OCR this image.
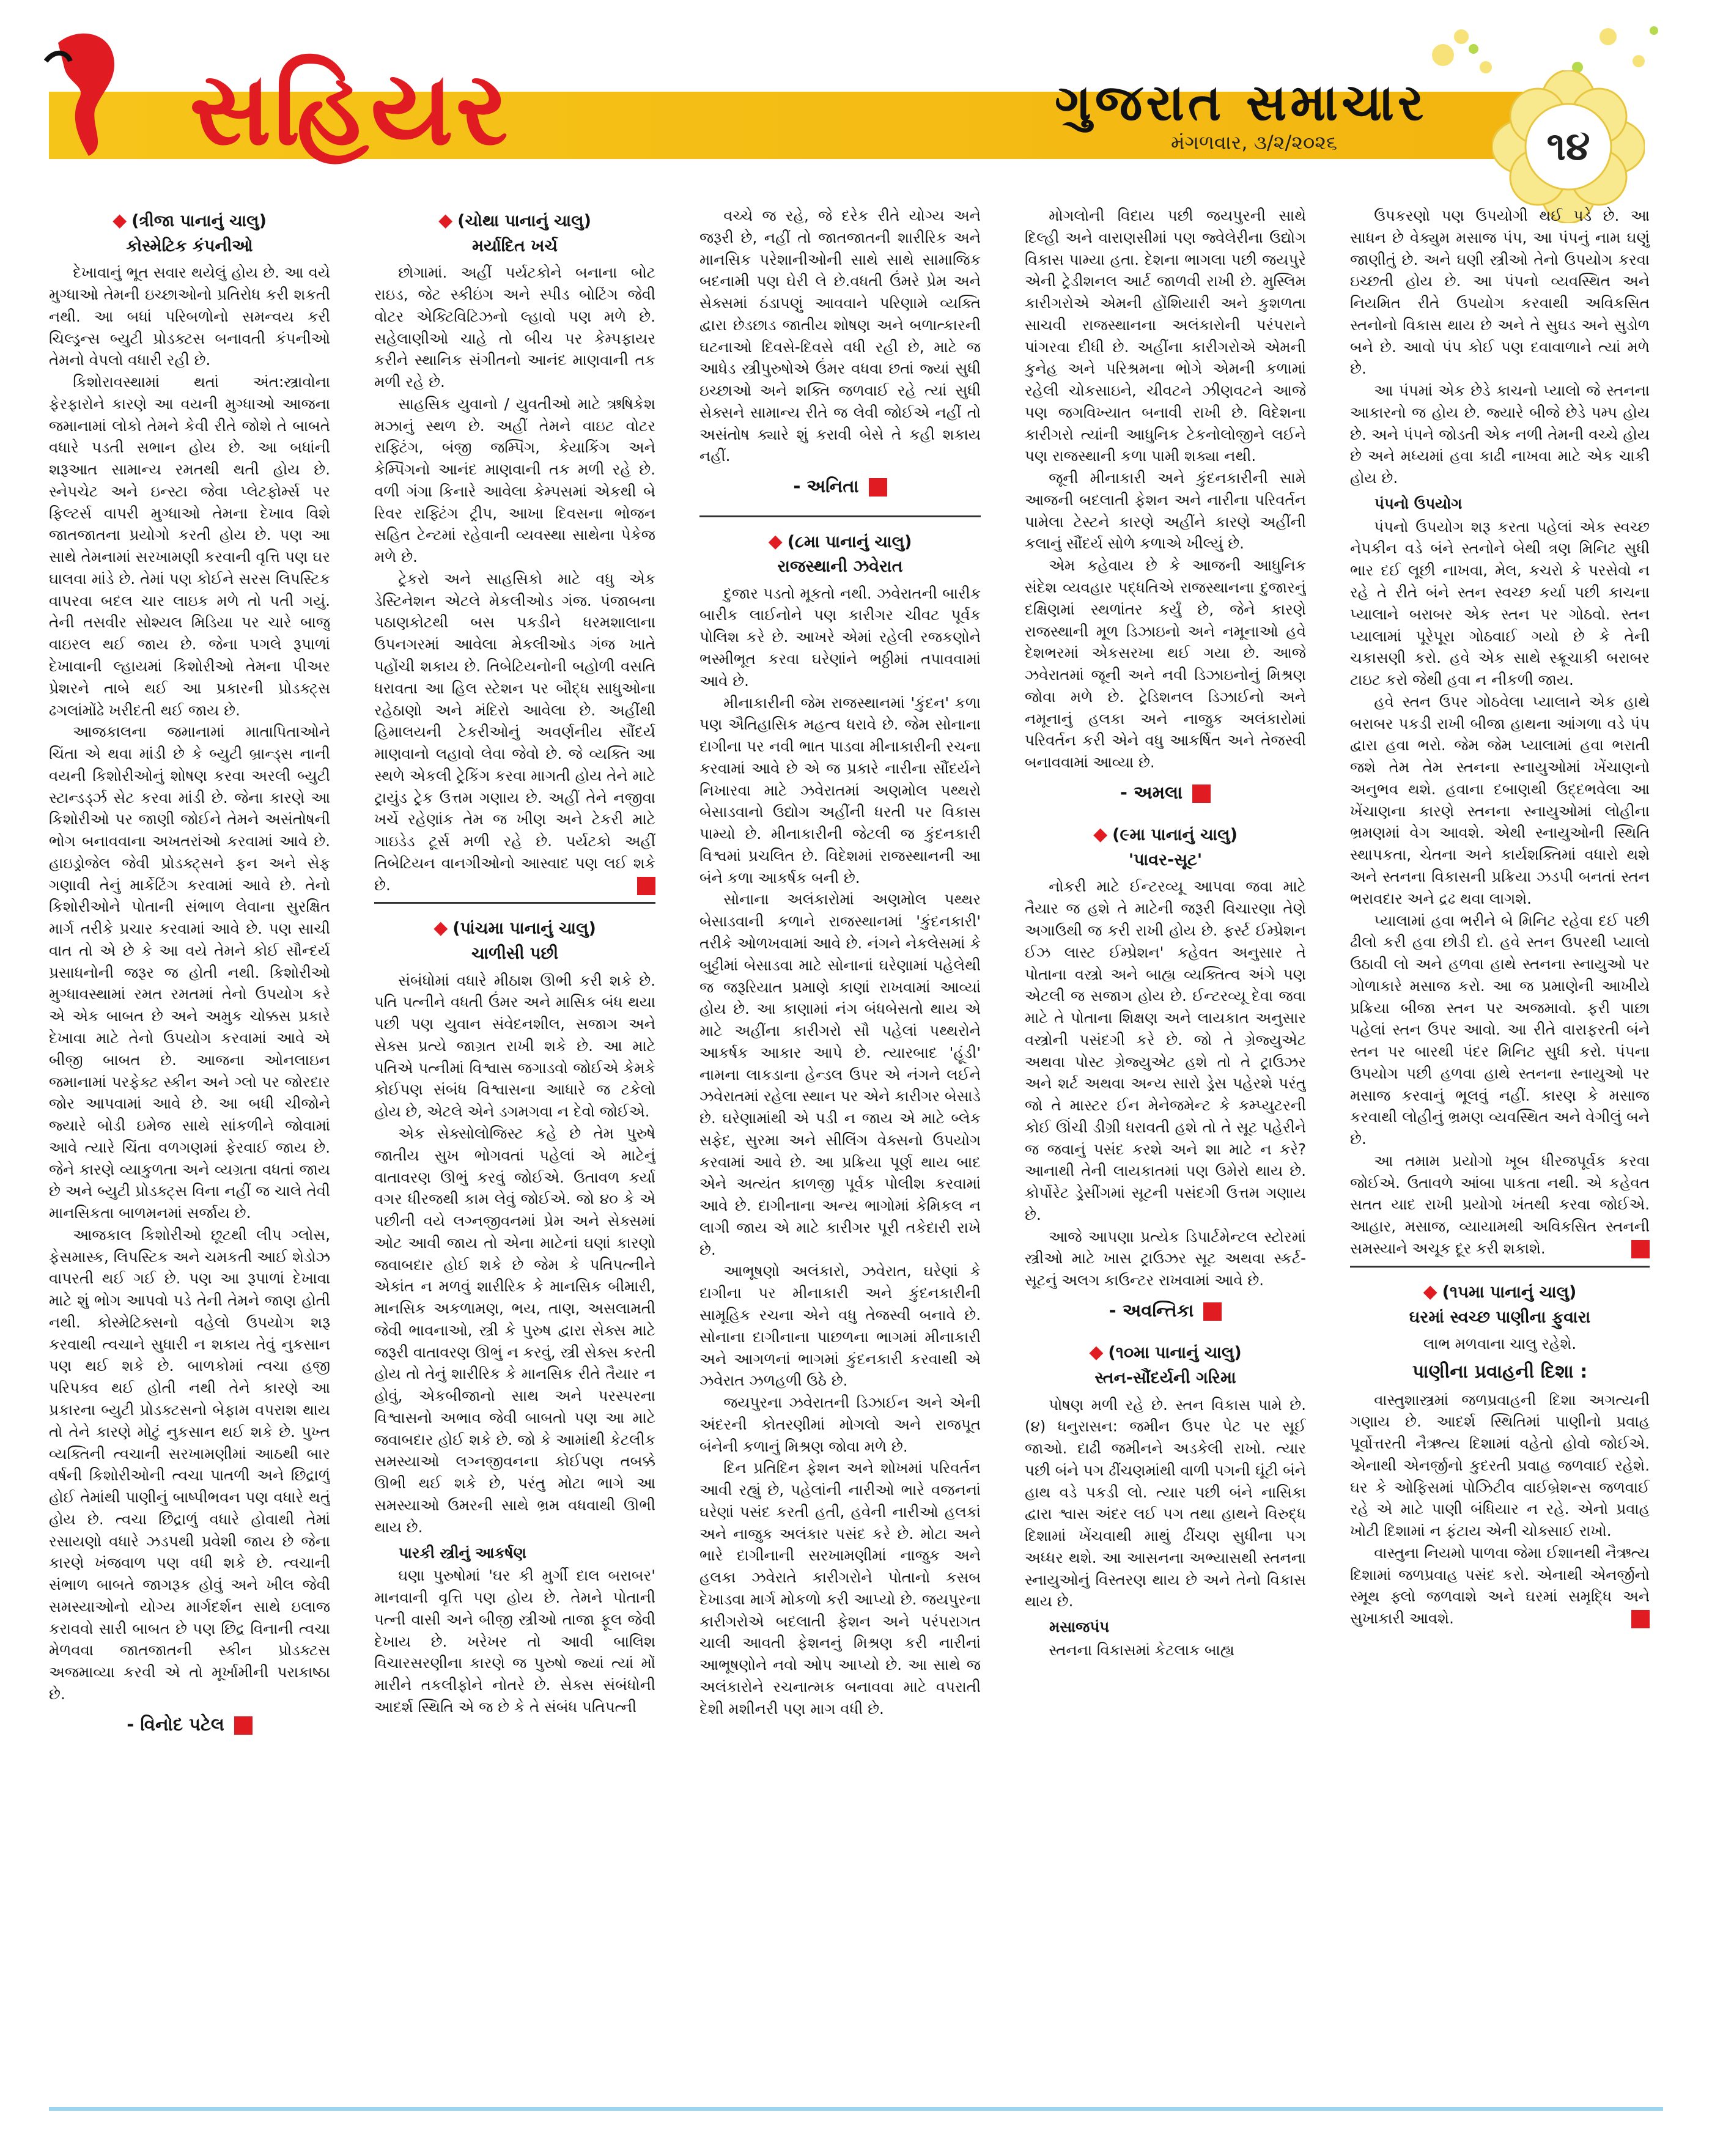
સહિયર	ગુજરાત સમાચાર
મંગળવાર, ૩/૨/૨૦૨૬	૧૪
◆ (ત્રીજા પાનાનું ચાલુ)
કોસ્મેટિક કંપનીઓ

દેખાવાનું ભૂત સવાર થયેલું હોય છે. આ વયે મુગ્ધાઓ તેમની ઇચ્છાઓનો પ્રતિરોધ કરી શકતી નથી. આ બધાં પરિબળોનો સમન્વય કરી ચિલ્ડ્રન્સ બ્યુટી પ્રોડક્ટસ બનાવતી કંપનીઓ તેમનો વેપલો વધારી રહી છે.

કિશોરાવસ્થામાં થતાં અંત:સ્ત્રાવોના ફેરફારોને કારણે આ વયની મુગ્ધાઓ આજના જમાનામાં લોકો તેમને કેવી રીતે જોશે તે બાબતે વધારે પડતી સભાન હોય છે. આ બધાંની શરૂઆત સામાન્ય રમતથી થતી હોય છે. સ્નેપચેટ અને ઇન્સ્ટા જેવા પ્લેટફોર્મ્સ પર ફિલ્ટર્સ વાપરી મુગ્ધાઓ તેમના દેખાવ વિશે જાતજાતના પ્રયોગો કરતી હોય છે. પણ આ સાથે તેમનામાં સરખામણી કરવાની વૃત્તિ પણ ઘર ઘાલવા માંડે છે. તેમાં પણ કોઈને સરસ લિપસ્ટિક વાપરવા બદલ ચાર લાઇક મળે તો પતી ગયું. તેની તસવીર સોશ્યલ મિડિયા પર ચારે બાજુ વાઇરલ થઈ જાય છે. જેના પગલે રૂપાળાં દેખાવાની લ્હાયમાં કિશોરીઓ તેમના પીઅર પ્રેશરને તાબે થઈ આ પ્રકારની પ્રોડક્ટ્સ ઢગલાંમોંઢે ખરીદતી થઈ જાય છે.

આજકાલના જમાનામાં માતાપિતાઓને ચિંતા એ થવા માંડી છે કે બ્યુટી બ્રાન્ડ્સ નાની વયની કિશોરીઓનું શોષણ કરવા અરલી બ્યુટી સ્ટાન્ડર્ડ્ઝ સેટ કરવા માંડી છે. જેના કારણે આ કિશોરીઓ પર જાણી જોઈને તેમને અસંતોષની ભોગ બનાવવાના અખતરાંઓ કરવામાં આવે છે. હાઇડ્રોજેલ જેવી પ્રોડક્ટ્સને ફન અને સેફ ગણાવી તેનું માર્કેટિંગ કરવામાં આવે છે. તેનો કિશોરીઓને પોતાની સંભાળ લેવાના સુરક્ષિત માર્ગ તરીકે પ્રચાર કરવામાં આવે છે. પણ સાચી વાત તો એ છે કે આ વયે તેમને કોઈ સૌન્દર્ય પ્રસાધનોની જરૂર જ હોતી નથી. કિશોરીઓ મુગ્ધાવસ્થામાં રમત રમતમાં તેનો ઉપયોગ કરે એ એક બાબત છે અને અમુક ચોક્કસ પ્રકારે દેખાવા માટે તેનો ઉપયોગ કરવામાં આવે એ બીજી બાબત છે. આજના ઓનલાઇન જમાનામાં પરફેક્ટ સ્કીન અને ગ્લો પર જોરદાર જોર આપવામાં આવે છે. આ બધી ચીજોને જ્યારે બોડી ઇમેજ સાથે સાંકળીને જોવામાં આવે ત્યારે ચિંતા વળગણમાં ફેરવાઈ જાય છે. જેને કારણે વ્યાકુળતા અને વ્યગ્રતા વધતાં જાય છે અને બ્યુટી પ્રોડક્ટ્સ વિના નહીં જ ચાલે તેવી માનસિકતા બાળમનમાં સર્જાય છે.

આજકાલ કિશોરીઓ છૂટથી લીપ ગ્લોસ, ફેસમાસ્ક, લિપસ્ટિક અને ચમકતી આઈ શેડોઝ વાપરતી થઈ ગઈ છે. પણ આ રૂપાળાં દેખાવા માટે શું ભોગ આપવો પડે તેની તેમને જાણ હોતી નથી. કોસ્મેટિક્સનો વહેલો ઉપયોગ શરૂ કરવાથી ત્વચાને સુધારી ન શકાય તેવું નુકસાન પણ થઈ શકે છે. બાળકોમાં ત્વચા હજી પરિપક્વ થઈ હોતી નથી તેને કારણે આ પ્રકારના બ્યુટી પ્રોડક્ટસનો બેફામ વપરાશ થાય તો તેને કારણે મોટું નુકસાન થઈ શકે છે. પુખ્ત વ્યક્તિની ત્વચાની સરખામણીમાં આઠથી બાર વર્ષની કિશોરીઓની ત્વચા પાતળી અને છિદ્રાળું હોઈ તેમાંથી પાણીનું બાષ્પીભવન પણ વધારે થતું હોય છે. ત્વચા છિદ્રાળું વધારે હોવાથી તેમાં રસાયણો વધારે ઝડપથી પ્રવેશી જાય છે જેના કારણે ખંજવાળ પણ વધી શકે છે. ત્વચાની સંભાળ બાબતે જાગરૂક હોવું અને ખીલ જેવી સમસ્યાઓનો યોગ્ય માર્ગદર્શન સાથે ઇલાજ કરાવવો સારી બાબત છે પણ છિદ્ર વિનાની ત્વચા મેળવવા જાતજાતની સ્કીન પ્રોડક્ટસ અજમાવ્યા કરવી એ તો મૂર્ખામીની પરાકાષ્ઠા છે.

- વિનોદ પટેલ
◆ (ચોથા પાનાનું ચાલુ)
મર્યાદિત ખર્ચ

છોગામાં. અહીં પર્યટકોને બનાના બોટ રાઇડ, જેટ સ્કીઇંગ અને સ્પીડ બોટિંગ જેવી વોટર એક્ટિવિટિઝનો લ્હાવો પણ મળે છે. સહેલાણીઓ ચાહે તો બીચ પર કેમ્પફાયર કરીને સ્થાનિક સંગીતનો આનંદ માણવાની તક મળી રહે છે.

સાહસિક યુવાનો / યુવતીઓ માટે ઋષિકેશ મઝાનું સ્થળ છે. અહીં તેમને વાઇટ વોટર રાફ્ટિંગ, બંજી જમ્પિંગ, કેયાકિંગ અને કેમ્પિંગનો આનંદ માણવાની તક મળી રહે છે. વળી ગંગા કિનારે આવેલા કેમ્પસમાં એકથી બે રિવર રાફ્ટિંગ ટ્રીપ, આખા દિવસના ભોજન સહિત ટેન્ટમાં રહેવાની વ્યવસ્થા સાથેના પેકેજ મળે છે.

ટ્રેકરો અને સાહસિકો માટે વધુ એક ડેસ્ટિનેશન એટલે મેકલીઓડ ગંજ. પંજાબના પઠાણકોટથી બસ પકડીને ધરમશાલાના ઉપનગરમાં આવેલા મેકલીઓડ ગંજ ખાતે પહોંચી શકાય છે. તિબેટિયનોની બહોળી વસતિ ધરાવતા આ હિલ સ્ટેશન પર બૌદ્ધ સાધુઓના રહેઠાણો અને મંદિરો આવેલા છે. અહીંથી હિમાલયની ટેકરીઓનું અવર્ણનીય સૌંદર્ય માણવાનો લહાવો લેવા જેવો છે. જે વ્યક્તિ આ સ્થળે એકલી ટ્રેકિંગ કરવા માગતી હોય તેને માટે ટ્રાયુંડ ટ્રેક ઉત્તમ ગણાય છે. અહીં તેને નજીવા ખર્ચે રહેણાંક તેમ જ ખીણ અને ટેકરી માટે ગાઇડેડ ટૂર્સ મળી રહે છે. પર્યટકો અહીં તિબેટિયન વાનગીઓનો આસ્વાદ પણ લઈ શકે છે.

◆ (પાંચમા પાનાનું ચાલુ)
ચાળીસી પછી

સંબંધોમાં વધારે મીઠાશ ઊભી કરી શકે છે. પતિ પત્નીને વધતી ઉંમર અને માસિક બંધ થયા પછી પણ યુવાન સંવેદનશીલ, સજાગ અને સેક્સ પ્રત્યે જાગ્રત રાખી શકે છે. આ માટે પતિએ પત્નીમાં વિશ્વાસ જગાડવો જોઈએ કેમકે કોઈપણ સંબંધ વિશ્વાસના આધારે જ ટકેલો હોય છે, એટલે એને ડગમગવા ન દેવો જોઈએ.

એક સેક્સોલોજિસ્ટ કહે છે તેમ પુરુષે જાતીય સુખ ભોગવતાં પહેલાં એ માટેનું વાતાવરણ ઊભું કરવું જોઈએ. ઉતાવળ કર્યા વગર ધીરજથી કામ લેવું જોઈએ. જો ૪૦ કે એ પછીની વયે લગ્નજીવનમાં પ્રેમ અને સેક્સમાં ઓટ આવી જાય તો એના માટેનાં ઘણાં કારણો જવાબદાર હોઈ શકે છે જેમ કે પતિપત્નીને એકાંત ન મળવું શારીરિક કે માનસિક બીમારી, માનસિક અકળામણ, ભય, તાણ, અસલામતી જેવી ભાવનાઓ, સ્ત્રી કે પુરુષ દ્વારા સેક્સ માટે જરૂરી વાતાવરણ ઊભું ન કરવું, સ્ત્રી સેક્સ કરતી હોય તો તેનું શારીરિક કે માનસિક રીતે તૈયાર ન હોવું, એકબીજાનો સાથ અને પરસ્પરના વિશ્વાસનો અભાવ જેવી બાબતો પણ આ માટે જવાબદાર હોઈ શકે છે. જો કે આમાંથી કેટલીક સમસ્યાઓ લગ્નજીવનના કોઈપણ તબક્કે ઊભી થઈ શકે છે, પરંતુ મોટા ભાગે આ સમસ્યાઓ ઉમરની સાથે ભ્રમ વધવાથી ઊભી થાય છે.

પારકી સ્ત્રીનું આકર્ષણ

ઘણા પુરુષોમાં 'ઘર કી મુર્ગી દાલ બરાબર' માનવાની વૃત્તિ પણ હોય છે. તેમને પોતાની પત્ની વાસી અને બીજી સ્ત્રીઓ તાજા ફૂલ જેવી દેખાય છે. ખરેખર તો આવી બાલિશ વિચારસરણીના કારણે જ પુરુષો જ્યાં ત્યાં મોં મારીને તકલીફોને નોતરે છે. સેક્સ સંબંધોની આદર્શ સ્થિતિ એ જ છે કે તે સંબંધ પતિપત્ની

વચ્ચે જ રહે, જે દરેક રીતે યોગ્ય અને જરૂરી છે, નહીં તો જાતજાતની શારીરિક અને માનસિક પરેશાનીઓની સાથે સાથે સામાજિક બદનામી પણ ઘેરી લે છે.વધતી ઉંમરે પ્રેમ અને સેક્સમાં ઠંડાપણું આવવાને પરિણામે વ્યક્તિ દ્વારા છેડછાડ જાતીય શોષણ અને બળાત્કારની ઘટનાઓ દિવસે-દિવસે વધી રહી છે, માટે જ આધેડ સ્ત્રીપુરુષોએ ઉંમર વધવા છતાં જ્યાં સુધી ઇચ્છાઓ અને શક્તિ જળવાઈ રહે ત્યાં સુધી સેક્સને સામાન્ય રીતે જ લેવી જોઈએ નહીં તો અસંતોષ ક્યારે શું કરાવી બેસે તે કહી શકાય નહીં.

- અનિતા
◆ (૮મા પાનાનું ચાલુ)
રાજસ્થાની ઝવેરાત

દુજાર પડતો મૂકતો નથી. ઝવેરાતની બારીક બારીક લાઈનોને પણ કારીગર ચીવટ પૂર્વક પોલિશ કરે છે. આખરે એમાં રહેલી રજકણોને ભસ્મીભૂત કરવા ઘરેણાંને ભઠ્ઠીમાં તપાવવામાં આવે છે.

મીનાકારીની જેમ રાજસ્થાનમાં 'કુંદન' કળા પણ ઐતિહાસિક મહત્વ ધરાવે છે. જેમ સોનાના દાગીના પર નવી ભાત પાડવા મીનાકારીની રચના કરવામાં આવે છે એ જ પ્રકારે નારીના સૌંદર્યને નિખારવા માટે ઝવેરાતમાં અણમોલ પથ્થરો બેસાડવાનો ઉદ્યોગ અહીંની ધરતી પર વિકાસ પામ્યો છે. મીનાકારીની જેટલી જ કુંદનકારી વિશ્વમાં પ્રચલિત છે. વિદેશમાં રાજસ્થાનની આ બંને કળા આકર્ષક બની છે.

સોનાના અલંકારોમાં અણમોલ પથ્થર બેસાડવાની કળાને રાજસ્થાનમાં 'કુંદનકારી' તરીકે ઓળખવામાં આવે છે. નંગને નેકલેસમાં કે બુટ્ટીમાં બેસાડવા માટે સોનાનાં ઘરેણામાં પહેલેથી જ જરૂરિયાત પ્રમાણે કાણાં રાખવામાં આવ્યાં હોય છે. આ કાણામાં નંગ બંધબેસતો થાય એ માટે અહીંના કારીગરો સૌ પહેલાં પથ્થરોને આકર્ષક આકાર આપે છે. ત્યારબાદ 'હૂંડી' નામના લાકડાના હેન્ડલ ઉપર એ નંગને લઈને ઝવેરાતમાં રહેલા સ્થાન પર એને કારીગર બેસાડે છે. ઘરેણામાંથી એ પડી ન જાય એ માટે બ્લેક સફેદ, સુરમા અને સીલિંગ વેક્સનો ઉપયોગ કરવામાં આવે છે. આ પ્રક્રિયા પૂર્ણ થાય બાદ એને અત્યંત કાળજી પૂર્વક પોલીશ કરવામાં આવે છે. દાગીનાના અન્ય ભાગોમાં કેમિકલ ન લાગી જાય એ માટે કારીગર પૂરી તકેદારી રાખે છે.

આભૂષણો અલંકારો, ઝવેરાત, ઘરેણાં કે દાગીના પર મીનાકારી અને કુંદનકારીની સામૂહિક રચના એને વધુ તેજસ્વી બનાવે છે. સોનાના દાગીનાના પાછળના ભાગમાં મીનાકારી અને આગળનાં ભાગમાં કુંદનકારી કરવાથી એ ઝવેરાત ઝળહળી ઉઠે છે.

જયપુરના ઝવેરાતની ડિઝાઈન અને એની અંદરની કોતરણીમાં મોગલો અને રાજપૂત બંનેની કળાનું મિશ્રણ જોવા મળે છે.

દિન પ્રતિદિન ફેશન અને શોખમાં પરિવર્તન આવી રહ્યું છે, પહેલાંની નારીઓ ભારે વજનનાં ઘરેણાં પસંદ કરતી હતી, હવેની નારીઓ હલકાં અને નાજુક અલંકાર પસંદ કરે છે. મોટા અને ભારે દાગીનાની સરખામણીમાં નાજુક અને હલકા ઝવેરાતે કારીગરોને પોતાનો કસબ દેખાડવા માર્ગ મોકળો કરી આપ્યો છે. જયપુરના કારીગરોએ બદલાતી ફેશન અને પરંપરાગત ચાલી આવતી ફેશનનું મિશ્રણ કરી નારીનાં આભૂષણોને નવો ઓપ આપ્યો છે. આ સાથે જ અલંકારોને રચનાત્મક બનાવવા માટે વપરાતી દેશી મશીનરી પણ માગ વધી છે.

મોગલોની વિદાય પછી જયપુરની સાથે દિલ્હી અને વારાણસીમાં પણ જ્વેલેરીના ઉદ્યોગ વિકાસ પામ્યા હતા. દેશના ભાગલા પછી જયપુરે એની ટ્રેડીશનલ આર્ટ જાળવી રાખી છે. મુસ્લિમ કારીગરોએ એમની હોંશિયારી અને કુશળતા સાચવી રાજસ્થાનના અલંકારોની પરંપરાને પાંગરવા દીધી છે. અહીંના કારીગરોએ એમની કુનેહ અને પરિશ્રમના ભોગે એમની કળામાં રહેલી ચોકસાઇને, ચીવટને ઝીણવટને આજે પણ જગવિખ્યાત બનાવી રાખી છે. વિદેશના કારીગરો ત્યાંની આધુનિક ટેકનોલોજીને લઈને પણ રાજસ્થાની કળા પામી શક્યા નથી.

જૂની મીનાકારી અને કુંદનકારીની સામે આજની બદલાતી ફેશન અને નારીના પરિવર્તન પામેલા ટેસ્ટને કારણે અહીંને કારણે અહીંની કલાનું સૌંદર્ય સોળે કળાએ ખીલ્યું છે.

એમ કહેવાય છે કે આજની આધુનિક સંદેશ વ્યવહાર પદ્ધતિએ રાજસ્થાનના દુજારનું દક્ષિણમાં સ્થળાંતર કર્યું છે, જેને કારણે રાજસ્થાની મૂળ ડિઝાઇનો અને નમૂનાઓ હવે દેશભરમાં એકસરખા થઈ ગયા છે. આજે ઝવેરાતમાં જૂની અને નવી ડિઝાઇનોનું મિશ્રણ જોવા મળે છે. ટ્રેડિશનલ ડિઝાઈનો અને નમૂનાનું હલકા અને નાજુક અલંકારોમાં પરિવર્તન કરી એને વધુ આકર્ષિત અને તેજસ્વી બનાવવામાં આવ્યા છે.

- અમલા
◆ (૯મા પાનાનું ચાલુ)
'પાવર-સૂટ'

નોકરી માટે ઈન્ટરવ્યૂ આપવા જવા માટે તૈયાર જ હશે તે માટેની જરૂરી વિચારણા તેણે અગાઉથી જ કરી રાખી હોય છે. ફર્સ્ટ ઈમ્પ્રેશન ઈઝ લાસ્ટ ઈમ્પ્રેશન' કહેવત અનુસાર તે પોતાના વસ્ત્રો અને બાહ્ય વ્યક્તિત્વ અંગે પણ એટલી જ સજાગ હોય છે. ઈન્ટરવ્યૂ દેવા જવા માટે તે પોતાના શિક્ષણ અને લાયકાત અનુસાર વસ્ત્રોની પસંદગી કરે છે. જો તે ગ્રેજ્યુએટ અથવા પોસ્ટ ગ્રેજ્યુએટ હશે તો તે ટ્રાઉઝર અને શર્ટ અથવા અન્ય સારો ડ્રેસ પહેરશે પરંતુ જો તે માસ્ટર ઈન મેનેજમેન્ટ કે કમ્પ્યુટરની કોઈ ઊંચી ડીગ્રી ધરાવતી હશે તો તે સૂટ પહેરીને જ જવાનું પસંદ કરશે અને શા માટે ન કરે? આનાથી તેની લાયકાતમાં પણ ઉમેરો થાય છે. કોર્પોરેટ ડ્રેસીંગમાં સૂટની પસંદગી ઉત્તમ ગણાય છે.

આજે આપણા પ્રત્યેક ડિપાર્ટમેન્ટલ સ્ટોરમાં સ્ત્રીઓ માટે ખાસ ટ્રાઉઝર સૂટ અથવા સ્કર્ટ-સૂટનું અલગ કાઉન્ટર રાખવામાં આવે છે.

- અવન્તિકા
◆ (૧૦મા પાનાનું ચાલુ)
સ્તન-સૌંદર્યની ગરિમા

પોષણ મળી રહે છે. સ્તન વિકાસ પામે છે. (૪) ધનુરાસન: જમીન ઉપર પેટ પર સૂઈ જાઓ. દાઢી જમીનને અડકેલી રાખો. ત્યાર પછી બંને પગ ઢીંચણમાંથી વાળી પગની ઘૂંટી બંને હાથ વડે પકડી લો. ત્યાર પછી બંને નાસિકા દ્વારા શ્વાસ અંદર લઈ પગ તથા હાથને વિરુદ્ધ દિશામાં ખેંચવાથી માથું ઢીંચણ સુધીના પગ અધ્ધર થશે. આ આસનના અભ્યાસથી સ્તનના સ્નાયુઓનું વિસ્તરણ થાય છે અને તેનો વિકાસ થાય છે.

મસાજપંપ

સ્તનના વિકાસમાં કેટલાક બાહ્ય

ઉપકરણો પણ ઉપયોગી થઈ પડે છે. આ સાધન છે વેક્યુમ મસાજ પંપ, આ પંપનું નામ ઘણું જાણીતું છે. અને ઘણી સ્ત્રીઓ તેનો ઉપયોગ કરવા ઇચ્છતી હોય છે. આ પંપનો વ્યવસ્થિત અને નિયમિત રીતે ઉપયોગ કરવાથી અવિકસિત સ્તનોનો વિકાસ થાય છે અને તે સુઘડ અને સુડોળ બને છે. આવો પંપ કોઈ પણ દવાવાળાને ત્યાં મળે છે.

આ પંપમાં એક છેડે કાચનો પ્યાલો જે સ્તનના આકારનો જ હોય છે. જ્યારે બીજે છેડે પમ્પ હોય છે. અને પંપને જોડતી એક નળી તેમની વચ્ચે હોય છે અને મધ્યમાં હવા કાઢી નાખવા માટે એક ચાકી હોય છે.

પંપનો ઉપયોગ

પંપનો ઉપયોગ શરૂ કરતા પહેલાં એક સ્વચ્છ નેપકીન વડે બંને સ્તનોને બેથી ત્રણ મિનિટ સુધી ભાર દઈ લૂછી નાખવા, મેલ, કચરો કે પરસેવો ન રહે તે રીતે બંને સ્તન સ્વચ્છ કર્યા પછી કાચના પ્યાલાને બરાબર એક સ્તન પર ગોઠવો. સ્તન પ્યાલામાં પૂરેપૂરા ગોઠવાઈ ગયો છે કે તેની ચકાસણી કરો. હવે એક સાથે સ્ક્રૂચાકી બરાબર ટાઇટ કરો જેથી હવા ન નીકળી જાય.

હવે સ્તન ઉપર ગોઠવેલા પ્યાલાને એક હાથે બરાબર પકડી રાખી બીજા હાથના આંગળા વડે પંપ દ્વારા હવા ભરો. જેમ જેમ પ્યાલામાં હવા ભરાતી જશે તેમ તેમ સ્તનના સ્નાયુઓમાં ખેંચાણનો અનુભવ થશે. હવાના દબાણથી ઉદ્દભવેલા આ ખેંચાણના કારણે સ્તનના સ્નાયુઓમાં લોહીના ભ્રમણમાં વેગ આવશે. એથી સ્નાયુઓની સ્થિતિ સ્થાપકતા, ચેતના અને કાર્યશક્તિમાં વધારો થશે અને સ્તનના વિકાસની પ્રક્રિયા ઝડપી બનતાં સ્તન ભરાવદાર અને દ્રઢ થવા લાગશે.

પ્યાલામાં હવા ભરીને બે મિનિટ રહેવા દઈ પછી ઢીલો કરી હવા છોડી દો. હવે સ્તન ઉપરથી પ્યાલો ઉઠાવી લો અને હળવા હાથે સ્તનના સ્નાયુઓ પર ગોળાકારે મસાજ કરો. આ જ પ્રમાણેની આખીયે પ્રક્રિયા બીજા સ્તન પર અજમાવો. ફરી પાછા પહેલાં સ્તન ઉપર આવો. આ રીતે વારાફરતી બંને સ્તન પર બારથી પંદર મિનિટ સુધી કરો. પંપના ઉપયોગ પછી હળવા હાથે સ્તનના સ્નાયુઓ પર મસાજ કરવાનું ભૂલવું નહીં. કારણ કે મસાજ કરવાથી લોહીનું ભ્રમણ વ્યવસ્થિત અને વેગીલું બને છે.

આ તમામ પ્રયોગો ખૂબ ધીરજપૂર્વક કરવા જોઈએ. ઉતાવળે આંબા પાકતા નથી. એ કહેવત સતત યાદ રાખી પ્રયોગો ખંતથી કરવા જોઈએ. આહાર, મસાજ, વ્યાયામથી અવિકસિત સ્તનની સમસ્યાને અચૂક દૂર કરી શકાશે.

◆ (૧૫મા પાનાનું ચાલુ)
ઘરમાં સ્વચ્છ પાણીના ફુવારા

લાભ મળવાના ચાલુ રહેશે.

પાણીના પ્રવાહની દિશા :

વાસ્તુશાસ્ત્રમાં જળપ્રવાહની દિશા અગત્યની ગણાય છે. આદર્શ સ્થિતિમાં પાણીનો પ્રવાહ પૂર્વોત્તરતી નૈઋત્ય દિશામાં વહેતો હોવો જોઈએ. એનાથી એનર્જીનો કુદરતી પ્રવાહ જળવાઈ રહેશે. ઘર કે ઓફિસમાં પોઝિટીવ વાઈબ્રેશન્સ જળવાઈ રહે એ માટે પાણી બંધિયાર ન રહે. એનો પ્રવાહ ખોટી દિશામાં ન ફંટાય એની ચોક્સાઈ રાખો.

વાસ્તુના નિયમો પાળવા જેમા ઈશાનથી નૈઋત્ય દિશામાં જળપ્રવાહ પસંદ કરો. એનાથી એનર્જીનો સ્મૂથ ફ્લો જળવાશે અને ઘરમાં સમૃદ્ધિ અને સુખાકારી આવશે.
